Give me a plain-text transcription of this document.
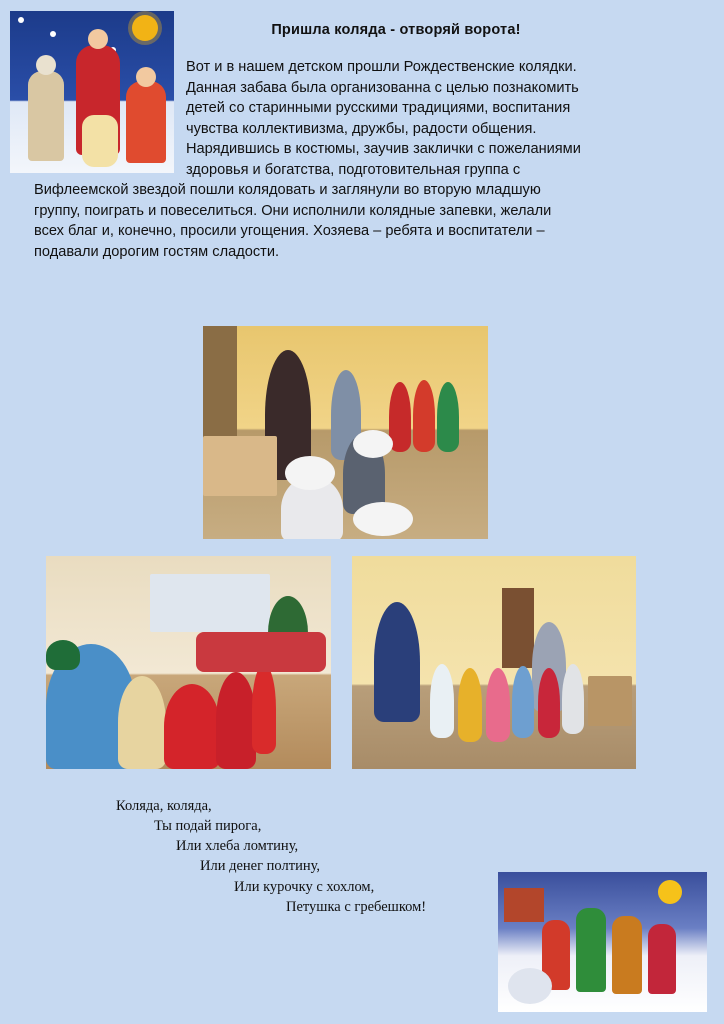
Пришла коляда - отворяй ворота!
Вот и в нашем детском прошли Рождественские колядки.
Данная забава была организованна с целью познакомить
детей со старинными русскими традициями, воспитания
чувства коллективизма, дружбы, радости общения.
Нарядившись в костюмы, заучив заклички с пожеланиями
здоровья и богатства, подготовительная группа с
Вифлеемской звездой пошли колядовать и заглянули во вторую младшую
группу, поиграть и повеселиться. Они исполнили колядные запевки, желали
всех благ и, конечно, просили угощения. Хозяева – ребята и воспитатели –
подавали дорогим гостям сладости.
Коляда, коляда,
Ты подай пирога,
Или хлеба ломтину,
Или денег полтину,
Или курочку с хохлом,
Петушка с гребешком!
